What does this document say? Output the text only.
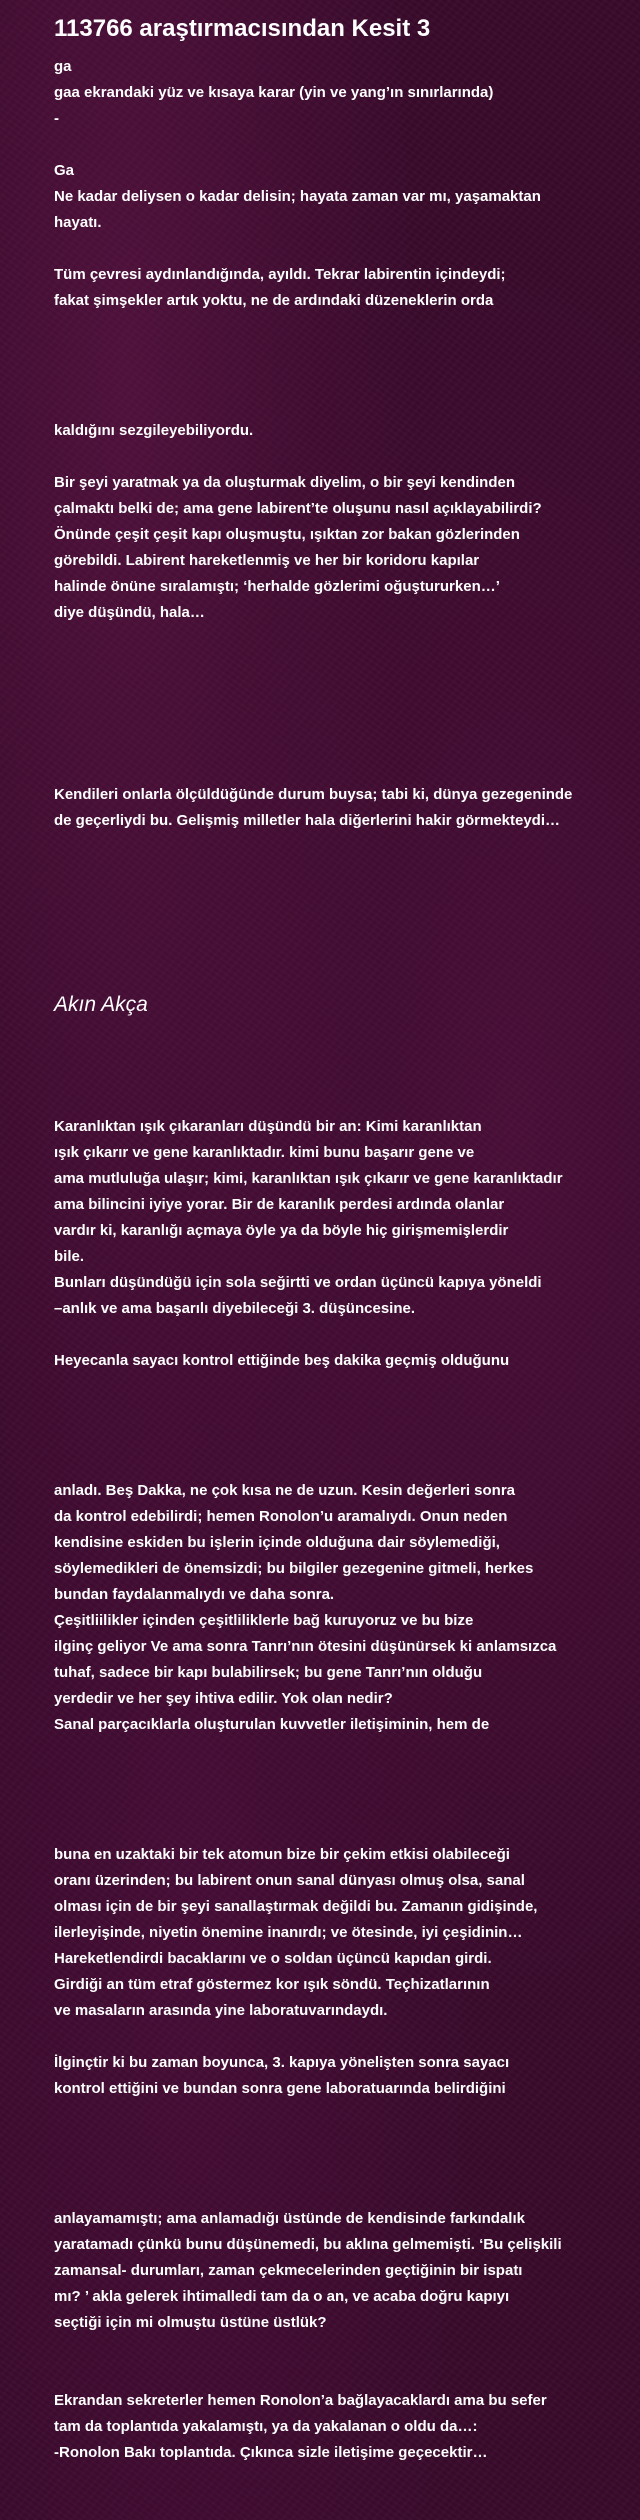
113766 araştırmacısından Kesit 3
ga
gaa ekrandaki yüz ve kısaya karar (yin ve yang’ın sınırlarında)
-
Ga
Ne kadar deliysen o kadar delisin; hayata zaman var mı, yaşamaktan
hayatı.
Tüm çevresi aydınlandığında, ayıldı. Tekrar labirentin içindeydi;
fakat şimşekler artık yoktu, ne de ardındaki düzeneklerin orda
kaldığını sezgileyebiliyordu.
Bir şeyi yaratmak ya da oluşturmak diyelim, o bir şeyi kendinden
çalmaktı belki de; ama gene labirent’te oluşunu nasıl açıklayabilirdi?
Önünde çeşit çeşit kapı oluşmuştu, ışıktan zor bakan gözlerinden
görebildi. Labirent hareketlenmiş ve her bir koridoru kapılar
halinde önüne sıralamıştı; ‘herhalde gözlerimi oğuştururken…’
diye düşündü, hala…
Kendileri onlarla ölçüldüğünde durum buysa; tabi ki, dünya gezegeninde
de geçerliydi bu. Gelişmiş milletler hala diğerlerini hakir görmekteydi…
Akın Akça
Karanlıktan ışık çıkaranları düşündü bir an: Kimi karanlıktan
ışık çıkarır ve gene karanlıktadır. kimi bunu başarır gene ve
ama mutluluğa ulaşır; kimi, karanlıktan ışık çıkarır ve gene karanlıktadır
ama bilincini iyiye yorar. Bir de karanlık perdesi ardında olanlar
vardır ki, karanlığı açmaya öyle ya da böyle hiç girişmemişlerdir
bile.
Bunları düşündüğü için sola seğirtti ve ordan üçüncü kapıya yöneldi
–anlık ve ama başarılı diyebileceği 3. düşüncesine.
Heyecanla sayacı kontrol ettiğinde beş dakika geçmiş olduğunu
anladı. Beş Dakka, ne çok kısa ne de uzun. Kesin değerleri sonra
da kontrol edebilirdi; hemen Ronolon’u aramalıydı. Onun neden
kendisine eskiden bu işlerin içinde olduğuna dair söylemediği,
söylemedikleri de önemsizdi; bu bilgiler gezegenine gitmeli, herkes
bundan faydalanmalıydı ve daha sonra.
Çeşitliilikler içinden çeşitliliklerle bağ kuruyoruz ve bu bize
ilginç geliyor Ve ama sonra Tanrı’nın ötesini düşünürsek ki anlamsızca
tuhaf, sadece bir kapı bulabilirsek; bu gene Tanrı’nın olduğu
yerdedir ve her şey ihtiva edilir. Yok olan nedir?
Sanal parçacıklarla oluşturulan kuvvetler iletişiminin, hem de
buna en uzaktaki bir tek atomun bize bir çekim etkisi olabileceği
oranı üzerinden; bu labirent onun sanal dünyası olmuş olsa, sanal
olması için de bir şeyi sanallaştırmak değildi bu. Zamanın gidişinde,
ilerleyişinde, niyetin önemine inanırdı; ve ötesinde, iyi çeşidinin…
Hareketlendirdi bacaklarını ve o soldan üçüncü kapıdan girdi.
Girdiği an tüm etraf göstermez kor ışık söndü. Teçhizatlarının
ve masaların arasında yine laboratuvarındaydı.
İlginçtir ki bu zaman boyunca, 3. kapıya yönelişten sonra sayacı
kontrol ettiğini ve bundan sonra gene laboratuarında belirdiğini
anlayamamıştı; ama anlamadığı üstünde de kendisinde farkındalık
yaratamadı çünkü bunu düşünemedi, bu aklına gelmemişti. ‘Bu çelişkili
zamansal- durumları, zaman çekmecelerinden geçtiğinin bir ispatı
mı? ’ akla gelerek ihtimalledi tam da o an, ve acaba doğru kapıyı
seçtiği için mi olmuştu üstüne üstlük?
Ekrandan sekreterler hemen Ronolon’a bağlayacaklardı ama bu sefer
tam da toplantıda yakalamıştı, ya da yakalanan o oldu da…:
-Ronolon Bakı toplantıda. Çıkınca sizle iletişime geçecektir…
